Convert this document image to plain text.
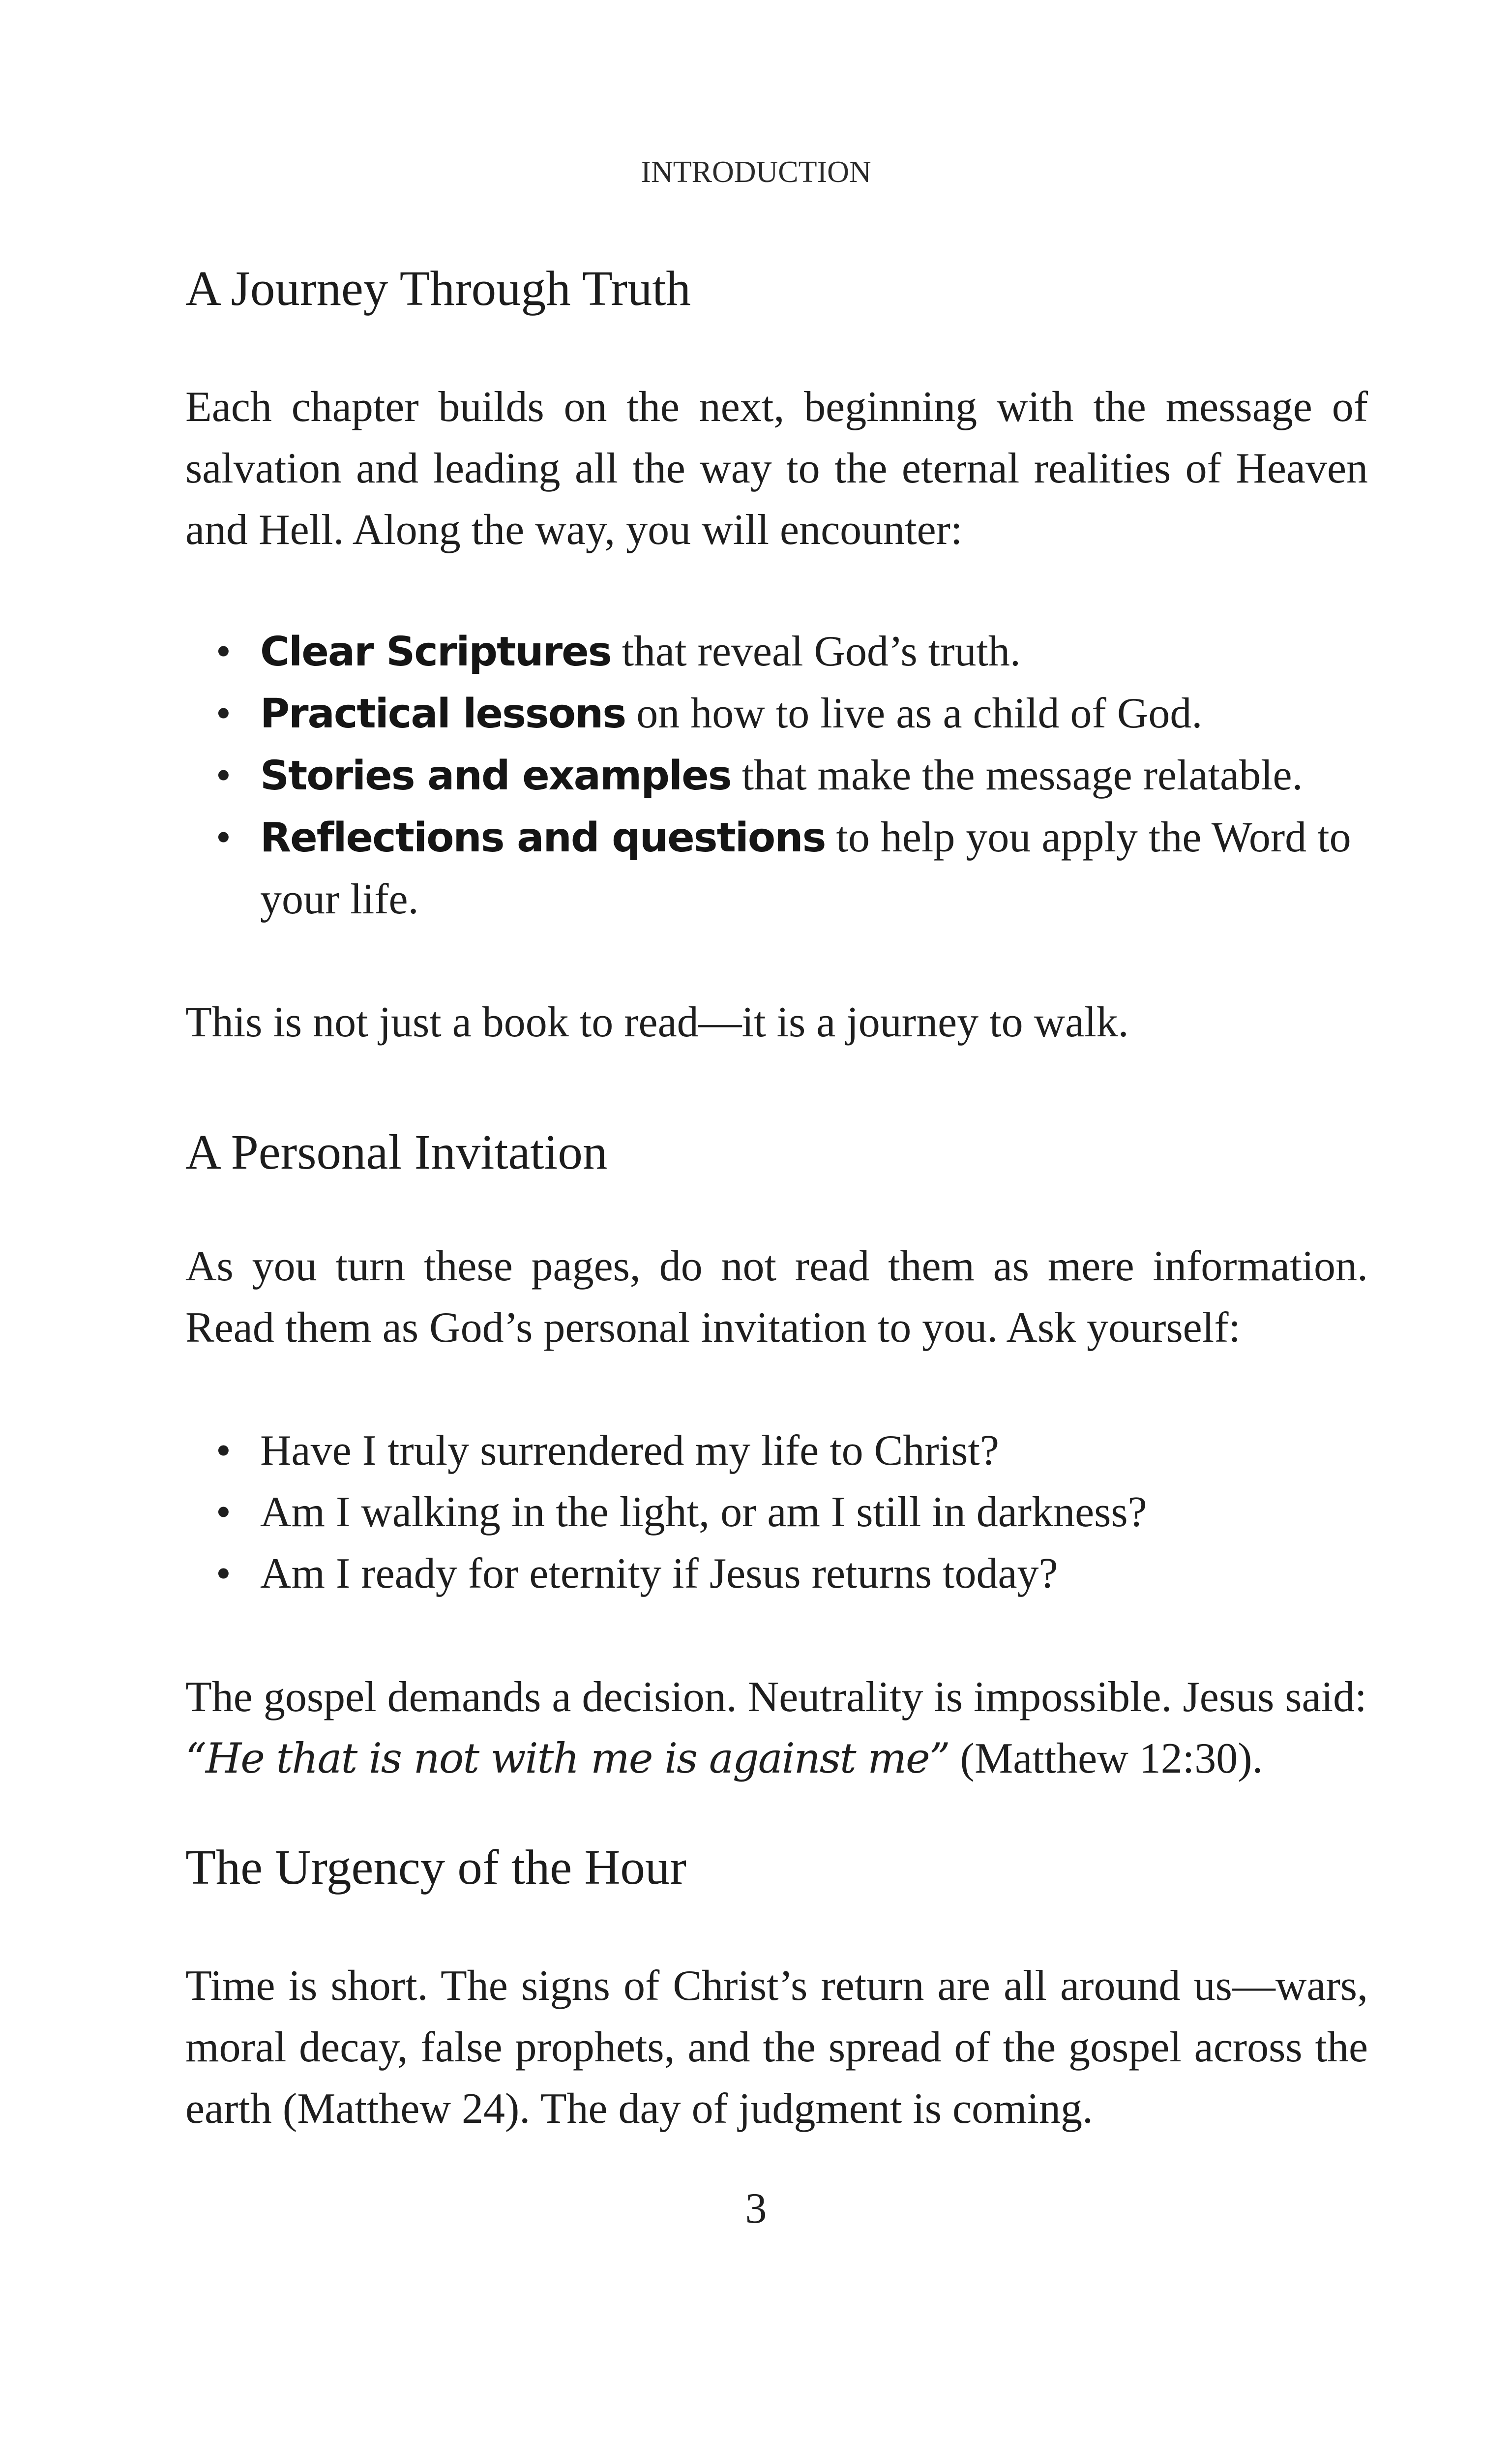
INTRODUCTION
A Journey Through Truth

Each chapter builds on the next, beginning with the message of salvation and leading all the way to the eternal realities of Heaven and Hell. Along the way, you will encounter:

• Clear Scriptures that reveal God’s truth.
• Practical lessons on how to live as a child of God.
• Stories and examples that make the message relatable.
• Reflections and questions to help you apply the Word to your life.

This is not just a book to read—it is a journey to walk.

A Personal Invitation

As you turn these pages, do not read them as mere information. Read them as God’s personal invitation to you. Ask yourself:

• Have I truly surrendered my life to Christ?
• Am I walking in the light, or am I still in darkness?
• Am I ready for eternity if Jesus returns today?

The gospel demands a decision. Neutrality is impossible. Jesus said:
“He that is not with me is against me” (Matthew 12:30).

The Urgency of the Hour

Time is short. The signs of Christ’s return are all around us—wars, moral decay, false prophets, and the spread of the gospel across the earth (Matthew 24). The day of judgment is coming.

3
